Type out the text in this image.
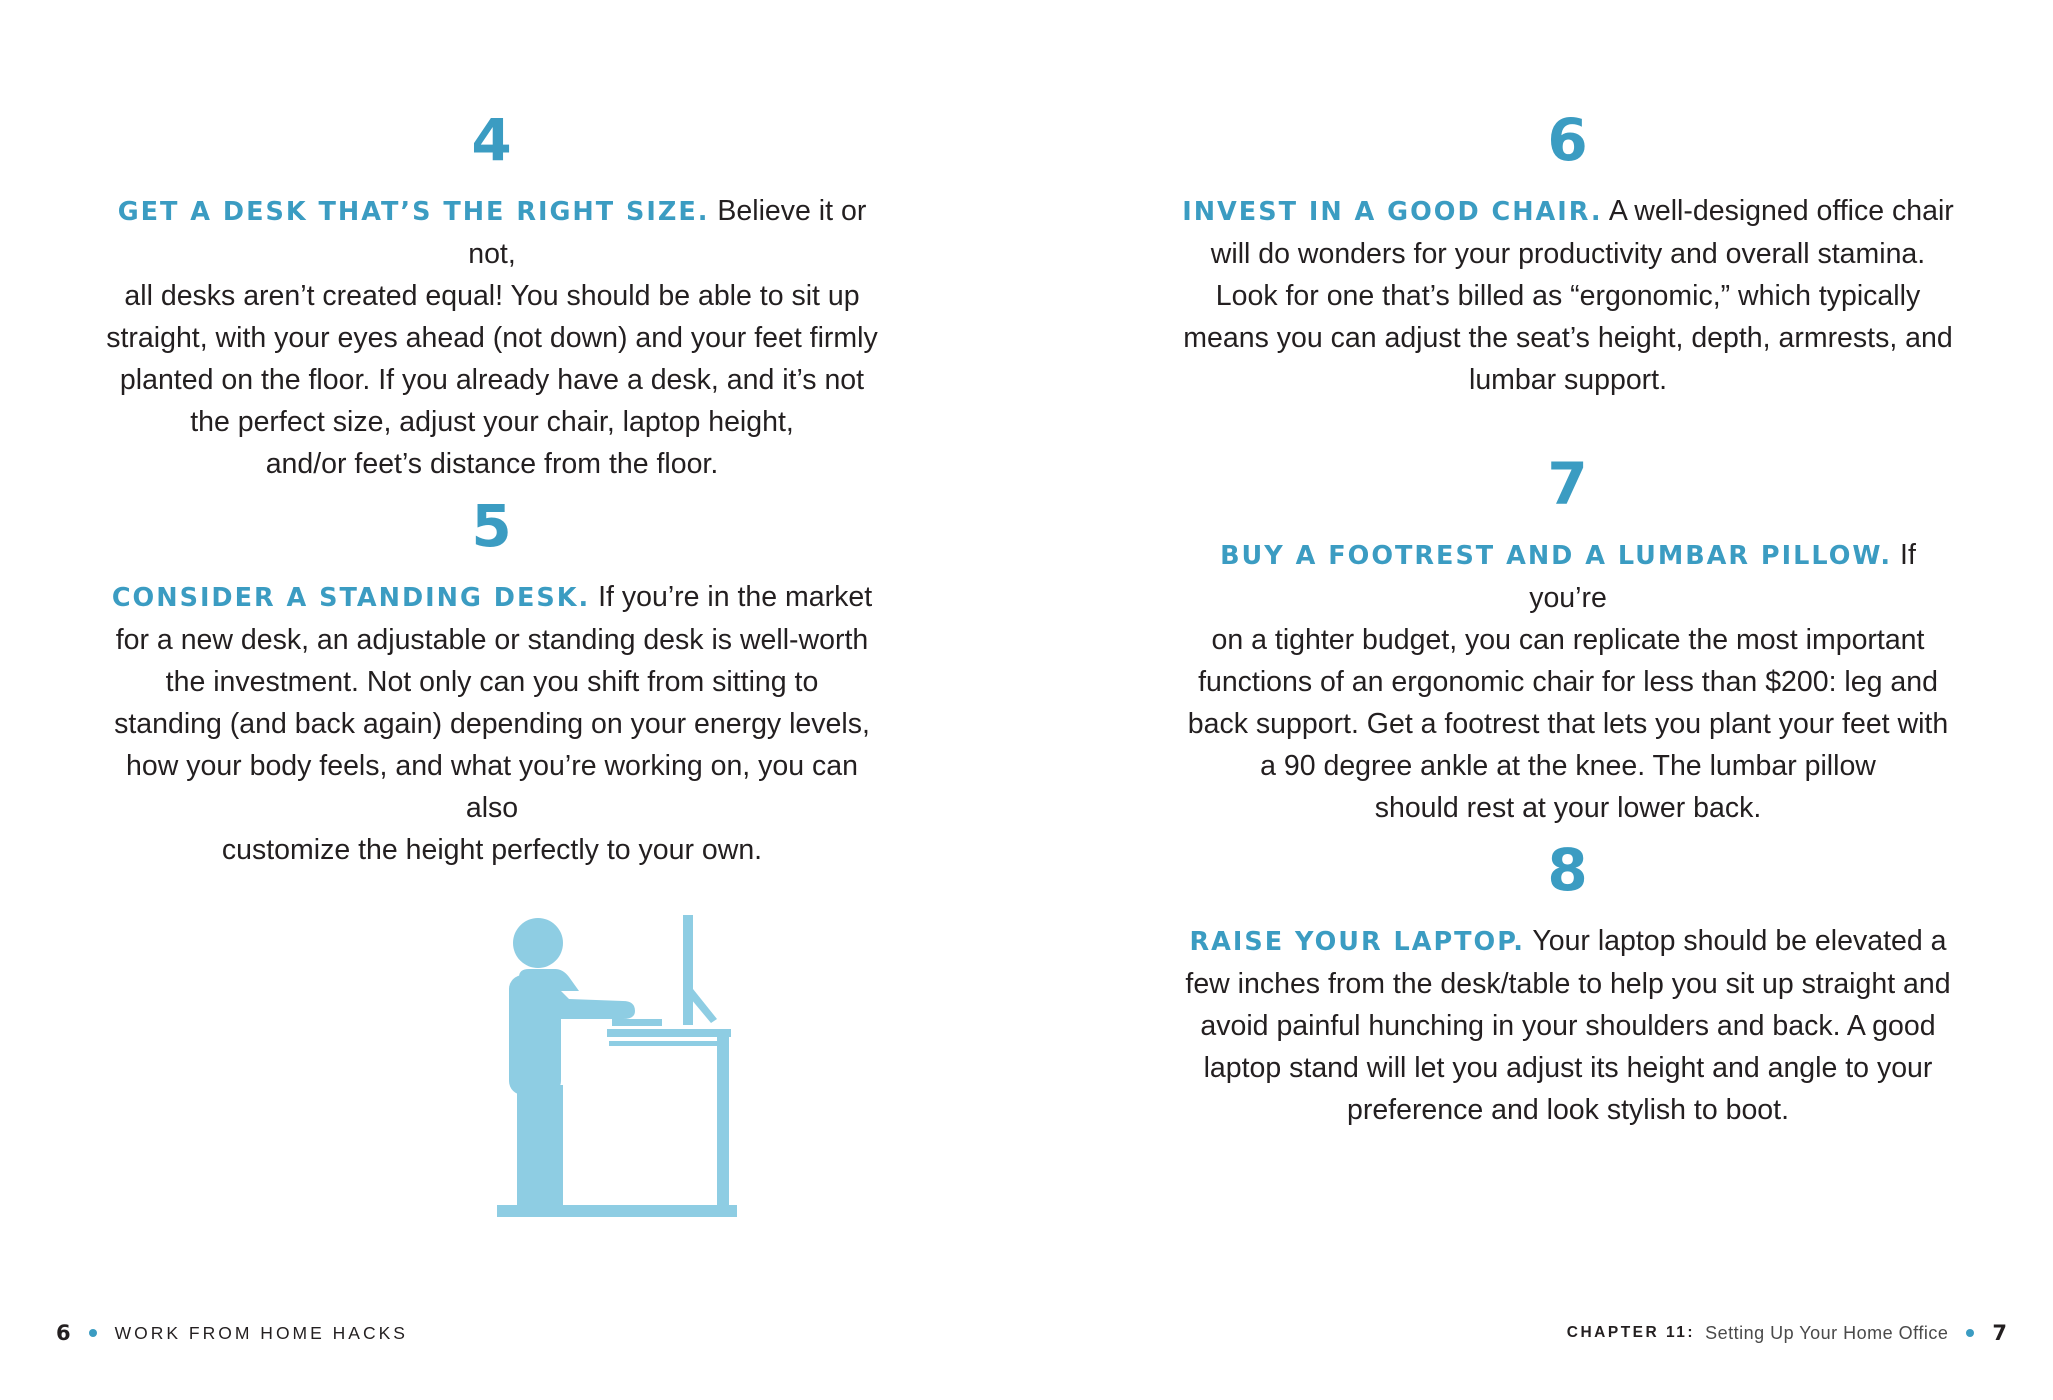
4

GET A DESK THAT’S THE RIGHT SIZE. Believe it or not,
all desks aren’t created equal! You should be able to sit up
straight, with your eyes ahead (not down) and your feet firmly
planted on the floor. If you already have a desk, and it’s not
the perfect size, adjust your chair, laptop height,
and/or feet’s distance from the floor.

5

CONSIDER A STANDING DESK. If you’re in the market
for a new desk, an adjustable or standing desk is well-worth
the investment. Not only can you shift from sitting to
standing (and back again) depending on your energy levels,
how your body feels, and what you’re working on, you can also
customize the height perfectly to your own.

6	WORK FROM HOME HACKS
6

INVEST IN A GOOD CHAIR. A well-designed office chair
will do wonders for your productivity and overall stamina.
Look for one that’s billed as “ergonomic,” which typically
means you can adjust the seat’s height, depth, armrests, and
lumbar support.

7

BUY A FOOTREST AND A LUMBAR PILLOW. If you’re
on a tighter budget, you can replicate the most important
functions of an ergonomic chair for less than $200: leg and
back support. Get a footrest that lets you plant your feet with
a 90 degree ankle at the knee. The lumbar pillow
should rest at your lower back.

8

RAISE YOUR LAPTOP. Your laptop should be elevated a
few inches from the desk/table to help you sit up straight and
avoid painful hunching in your shoulders and back. A good
laptop stand will let you adjust its height and angle to your
preference and look stylish to boot.

CHAPTER 11: Setting Up Your Home Office 7
